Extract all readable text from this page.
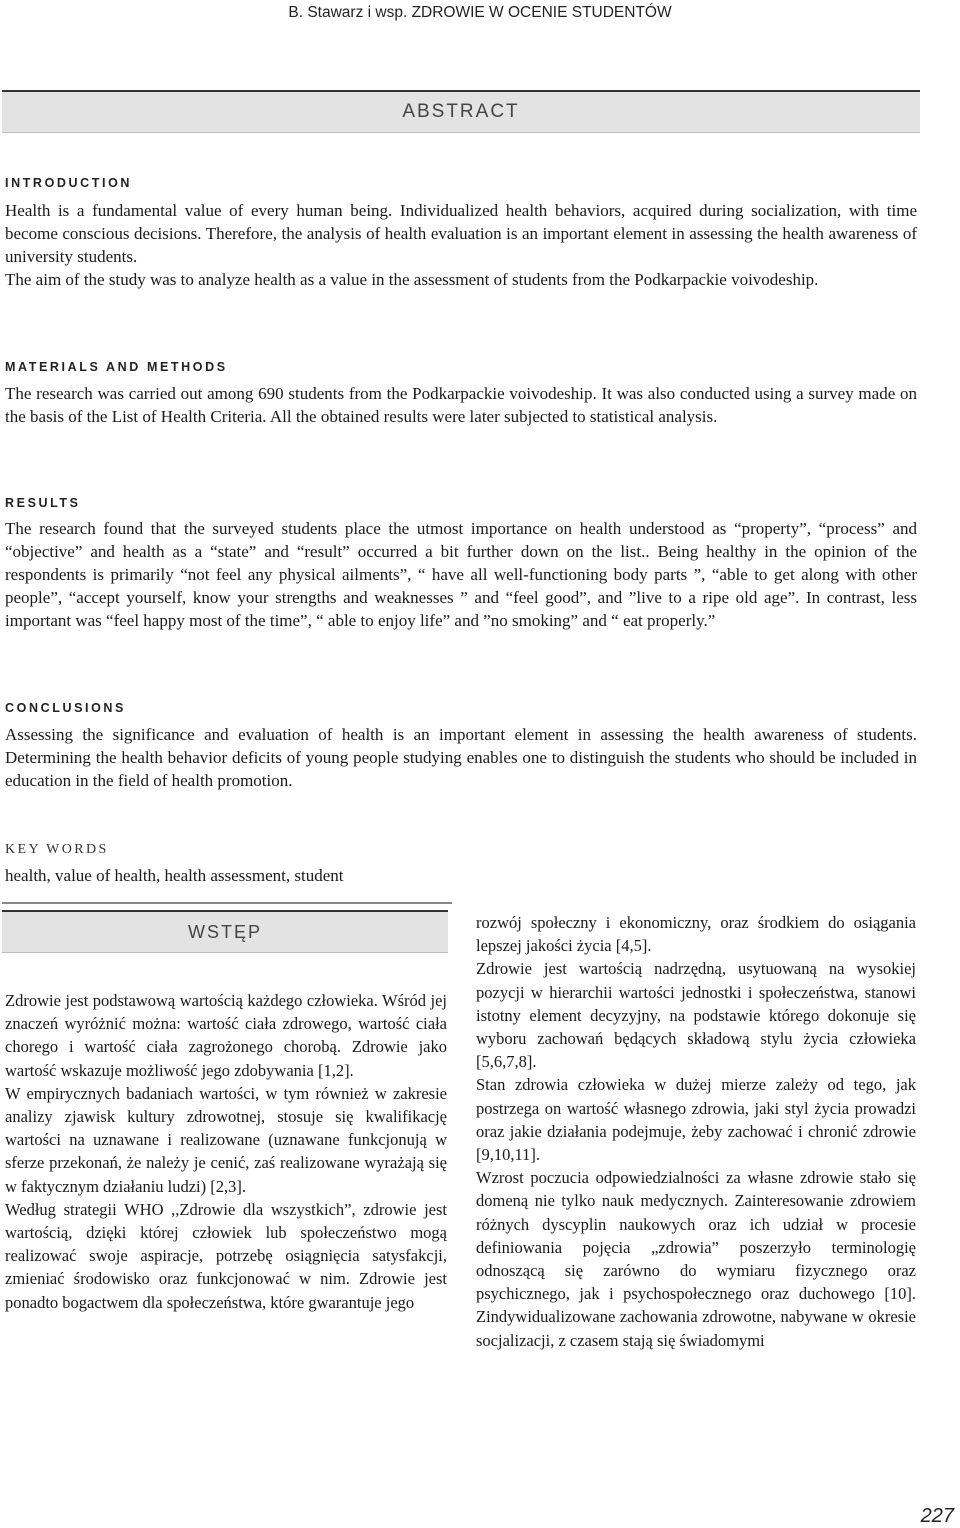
B. Stawarz i wsp. ZDROWIE W OCENIE STUDENTÓW
ABSTRACT
INTRODUCTION

Health is a fundamental value of every human being. Individualized health behaviors, acquired during socialization, with time become conscious decisions. Therefore, the analysis of health evaluation is an important element in assessing the health awareness of university students.

The aim of the study was to analyze health as a value in the assessment of students from the Podkarpackie voivodeship.

MATERIALS AND METHODS

The research was carried out among 690 students from the Podkarpackie voivodeship. It was also conducted using a survey made on the basis of the List of Health Criteria. All the obtained results were later subjected to statistical analysis.

RESULTS

The research found that the surveyed students place the utmost importance on health understood as “property”, “process” and “objective” and health as a “state” and “result” occurred a bit further down on the list.. Being healthy in the opinion of the respondents is primarily “not feel any physical ailments”, “ have all well-functioning body parts ”, “able to get along with other people”, “accept yourself, know your strengths and weaknesses ” and “feel good”, and ”live to a ripe old age”. In contrast, less important was “feel happy most of the time”, “ able to enjoy life” and ”no smoking” and “ eat properly.”

CONCLUSIONS

Assessing the significance and evaluation of health is an important element in assessing the health awareness of students. Determining the health behavior deficits of young people studying enables one to distinguish the students who should be included in education in the field of health promotion.

KEY WORDS
health, value of health, health assessment, student
WSTĘP

Zdrowie jest podstawową wartością każdego człowieka. Wśród jej znaczeń wyróżnić można: wartość ciała zdrowego, wartość ciała chorego i wartość ciała zagrożonego chorobą. Zdrowie jako wartość wskazuje możliwość jego zdobywania [1,2].

W empirycznych badaniach wartości, w tym również w zakresie analizy zjawisk kultury zdrowotnej, stosuje się kwalifikację wartości na uznawane i realizowane (uznawane funkcjonują w sferze przekonań, że należy je cenić, zaś realizowane wyrażają się w faktycznym działaniu ludzi) [2,3].

Według strategii WHO ,,Zdrowie dla wszystkich”, zdrowie jest wartością, dzięki której człowiek lub społeczeństwo mogą realizować swoje aspiracje, potrzebę osiągnięcia satysfakcji, zmieniać środowisko oraz funkcjonować w nim. Zdrowie jest ponadto bogactwem dla społeczeństwa, które gwarantuje jego

rozwój społeczny i ekonomiczny, oraz środkiem do osiągania lepszej jakości życia [4,5].

Zdrowie jest wartością nadrzędną, usytuowaną na wysokiej pozycji w hierarchii wartości jednostki i społeczeństwa, stanowi istotny element decyzyjny, na podstawie którego dokonuje się wyboru zachowań będących składową stylu życia człowieka [5,6,7,8].

Stan zdrowia człowieka w dużej mierze zależy od tego, jak postrzega on wartość własnego zdrowia, jaki styl życia prowadzi oraz jakie działania podejmuje, żeby zachować i chronić zdrowie [9,10,11].

Wzrost poczucia odpowiedzialności za własne zdrowie stało się domeną nie tylko nauk medycznych. Zainteresowanie zdrowiem różnych dyscyplin naukowych oraz ich udział w procesie definiowania pojęcia „zdrowia” poszerzyło terminologię odnoszącą się zarówno do wymiaru fizycznego oraz psychicznego, jak i psychospołecznego oraz duchowego [10]. Zindywidualizowane zachowania zdrowotne, nabywane w okresie socjalizacji, z czasem stają się świadomymi

227
